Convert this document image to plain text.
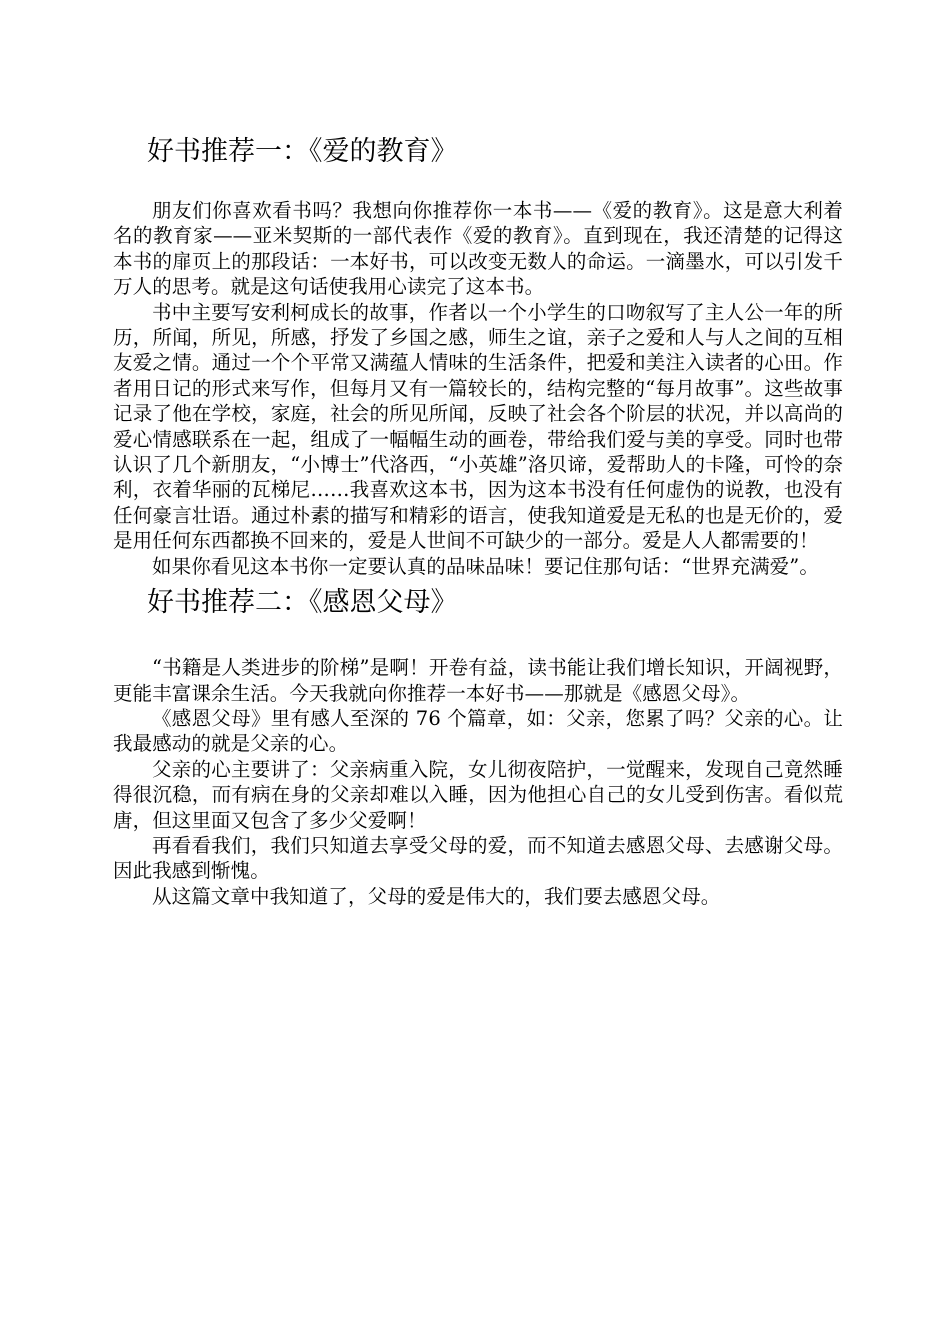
好书推荐一：《爱的教育》

朋友们你喜欢看书吗？我想向你推荐你一本书——《爱的教育》。这是意大利着名的教育家——亚米契斯的一部代表作《爱的教育》。直到现在，我还清楚的记得这本书的扉页上的那段话：一本好书，可以改变无数人的命运。一滴墨水，可以引发千万人的思考。就是这句话使我用心读完了这本书。

书中主要写安利柯成长的故事，作者以一个小学生的口吻叙写了主人公一年的所历，所闻，所见，所感，抒发了乡国之感，师生之谊，亲子之爱和人与人之间的互相友爱之情。通过一个个平常又满蕴人情味的生活条件，把爱和美注入读者的心田。作者用日记的形式来写作，但每月又有一篇较长的，结构完整的“每月故事”。这些故事记录了他在学校，家庭，社会的所见所闻，反映了社会各个阶层的状况，并以高尚的爱心情感联系在一起，组成了一幅幅生动的画卷，带给我们爱与美的享受。同时也带认识了几个新朋友，“小博士”代洛西，“小英雄”洛贝谛，爱帮助人的卡隆，可怜的奈利，衣着华丽的瓦梯尼……我喜欢这本书，因为这本书没有任何虚伪的说教，也没有任何豪言壮语。通过朴素的描写和精彩的语言，使我知道爱是无私的也是无价的，爱是用任何东西都换不回来的，爱是人世间不可缺少的一部分。爱是人人都需要的！

如果你看见这本书你一定要认真的品味品味！要记住那句话：“世界充满爱”。

好书推荐二：《感恩父母》

“书籍是人类进步的阶梯”是啊！开卷有益，读书能让我们增长知识，开阔视野，更能丰富课余生活。今天我就向你推荐一本好书——那就是《感恩父母》。

《感恩父母》里有感人至深的 76 个篇章，如：父亲，您累了吗？父亲的心。让我最感动的就是父亲的心。

父亲的心主要讲了：父亲病重入院，女儿彻夜陪护，一觉醒来，发现自己竟然睡得很沉稳，而有病在身的父亲却难以入睡，因为他担心自己的女儿受到伤害。看似荒唐，但这里面又包含了多少父爱啊！

再看看我们，我们只知道去享受父母的爱，而不知道去感恩父母、去感谢父母。因此我感到惭愧。

从这篇文章中我知道了，父母的爱是伟大的，我们要去感恩父母。
